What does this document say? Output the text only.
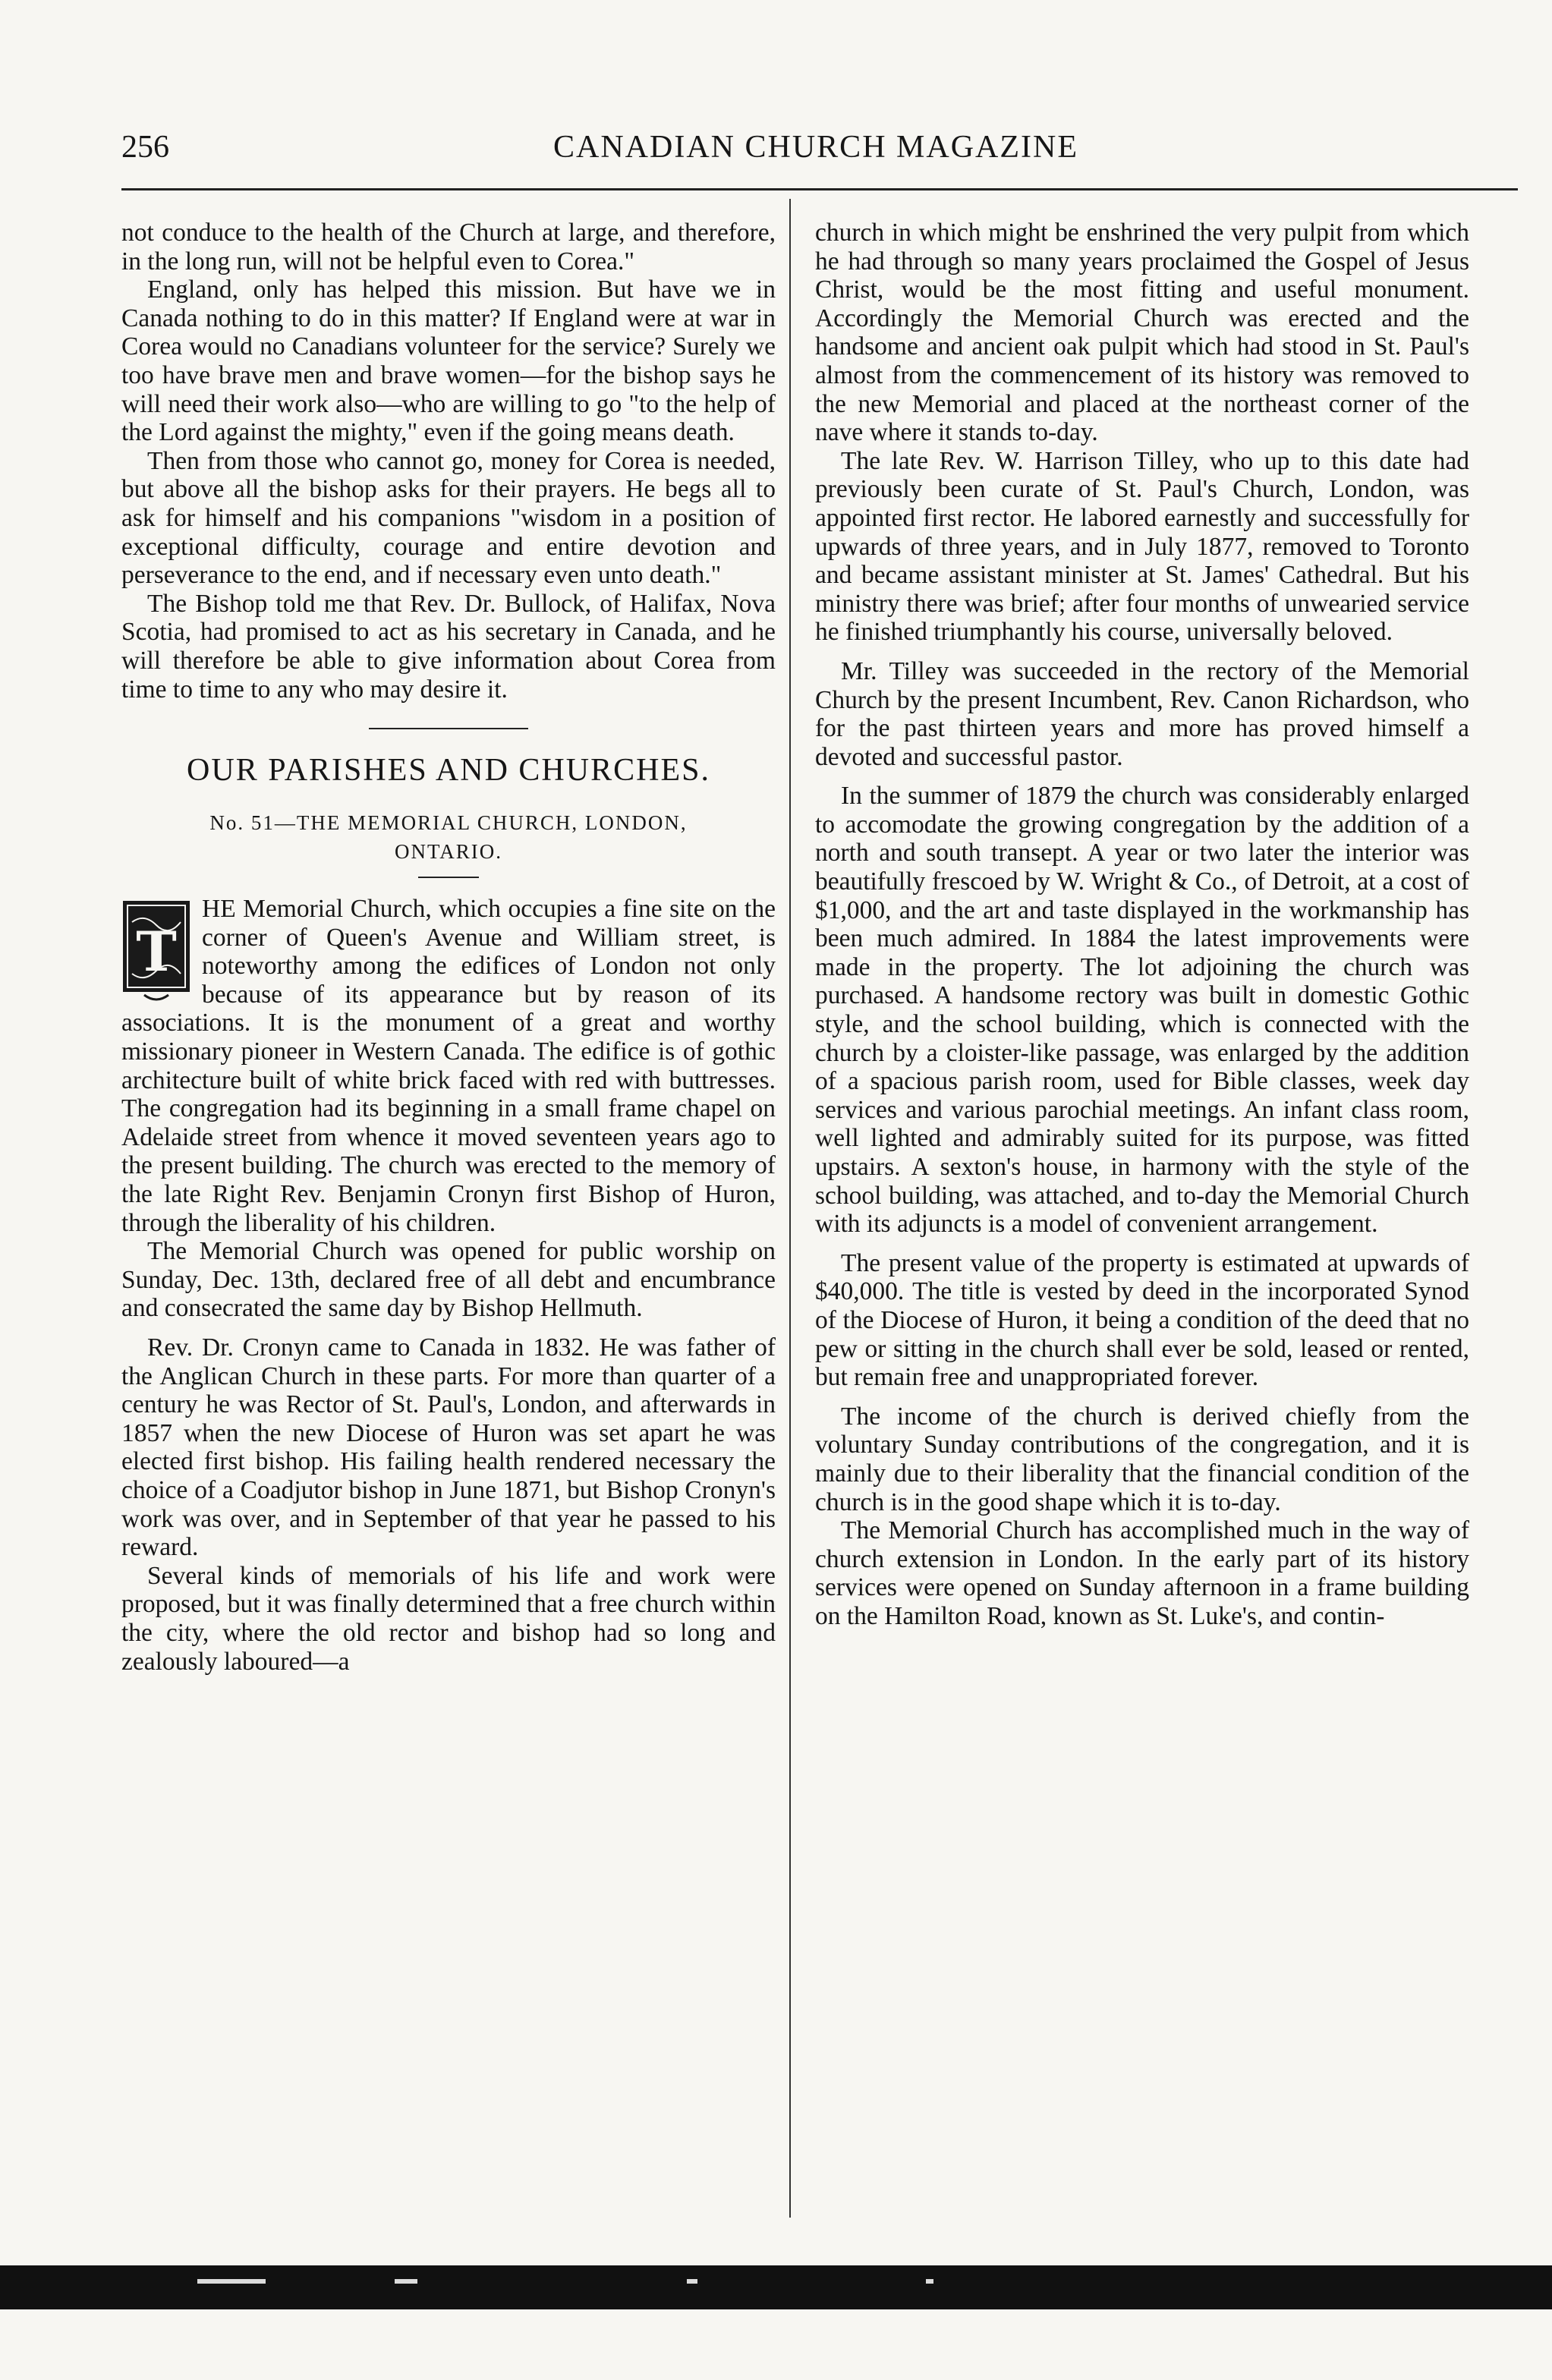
256	CANADIAN CHURCH MAGAZINE

not conduce to the health of the Church at large, and therefore, in the long run, will not be helpful even to Corea."

England, only has helped this mission. But have we in Canada nothing to do in this matter? If England were at war in Corea would no Canadians volunteer for the service? Surely we too have brave men and brave women—for the bishop says he will need their work also—who are willing to go "to the help of the Lord against the mighty," even if the going means death.

Then from those who cannot go, money for Corea is needed, but above all the bishop asks for their prayers. He begs all to ask for himself and his companions "wisdom in a position of exceptional difficulty, courage and entire devotion and perseverance to the end, and if necessary even unto death."

The Bishop told me that Rev. Dr. Bullock, of Halifax, Nova Scotia, had promised to act as his secretary in Canada, and he will therefore be able to give information about Corea from time to time to any who may desire it.

OUR PARISHES AND CHURCHES.
No. 51—THE MEMORIAL CHURCH, LONDON,
ONTARIO.

T
HE Memorial Church, which occupies a fine site on the corner of Queen's Avenue and William street, is noteworthy among the edifices of London not only because of its appearance but by reason of its associations. It is the monument of a great and worthy missionary pioneer in Western Canada. The edifice is of gothic architecture built of white brick faced with red with buttresses. The congregation had its beginning in a small frame chapel on Adelaide street from whence it moved seventeen years ago to the present building. The church was erected to the memory of the late Right Rev. Benjamin Cronyn first Bishop of Huron, through the liberality of his children.

The Memorial Church was opened for public worship on Sunday, Dec. 13th, declared free of all debt and encumbrance and consecrated the same day by Bishop Hellmuth.

Rev. Dr. Cronyn came to Canada in 1832. He was father of the Anglican Church in these parts. For more than quarter of a century he was Rector of St. Paul's, London, and afterwards in 1857 when the new Diocese of Huron was set apart he was elected first bishop. His failing health rendered necessary the choice of a Coadjutor bishop in June 1871, but Bishop Cronyn's work was over, and in September of that year he passed to his reward.

Several kinds of memorials of his life and work were proposed, but it was finally determined that a free church within the city, where the old rector and bishop had so long and zealously laboured—a

church in which might be enshrined the very pulpit from which he had through so many years proclaimed the Gospel of Jesus Christ, would be the most fitting and useful monument. Accordingly the Memorial Church was erected and the handsome and ancient oak pulpit which had stood in St. Paul's almost from the commencement of its history was removed to the new Memorial and placed at the northeast corner of the nave where it stands to-day.

The late Rev. W. Harrison Tilley, who up to this date had previously been curate of St. Paul's Church, London, was appointed first rector. He labored earnestly and successfully for upwards of three years, and in July 1877, removed to Toronto and became assistant minister at St. James' Cathedral. But his ministry there was brief; after four months of unwearied service he finished triumphantly his course, universally beloved.

Mr. Tilley was succeeded in the rectory of the Memorial Church by the present Incumbent, Rev. Canon Richardson, who for the past thirteen years and more has proved himself a devoted and successful pastor.

In the summer of 1879 the church was considerably enlarged to accomodate the growing congregation by the addition of a north and south transept. A year or two later the interior was beautifully frescoed by W. Wright & Co., of Detroit, at a cost of $1,000, and the art and taste displayed in the workmanship has been much admired. In 1884 the latest improvements were made in the property. The lot adjoining the church was purchased. A handsome rectory was built in domestic Gothic style, and the school building, which is connected with the church by a cloister-like passage, was enlarged by the addition of a spacious parish room, used for Bible classes, week day services and various parochial meetings. An infant class room, well lighted and admirably suited for its purpose, was fitted upstairs. A sexton's house, in harmony with the style of the school building, was attached, and to-day the Memorial Church with its adjuncts is a model of convenient arrangement.

The present value of the property is estimated at upwards of $40,000. The title is vested by deed in the incorporated Synod of the Diocese of Huron, it being a condition of the deed that no pew or sitting in the church shall ever be sold, leased or rented, but remain free and unappropriated forever.

The income of the church is derived chiefly from the voluntary Sunday contributions of the congregation, and it is mainly due to their liberality that the financial condition of the church is in the good shape which it is to-day.

The Memorial Church has accomplished much in the way of church extension in London. In the early part of its history services were opened on Sunday afternoon in a frame building on the Hamilton Road, known as St. Luke's, and contin-
